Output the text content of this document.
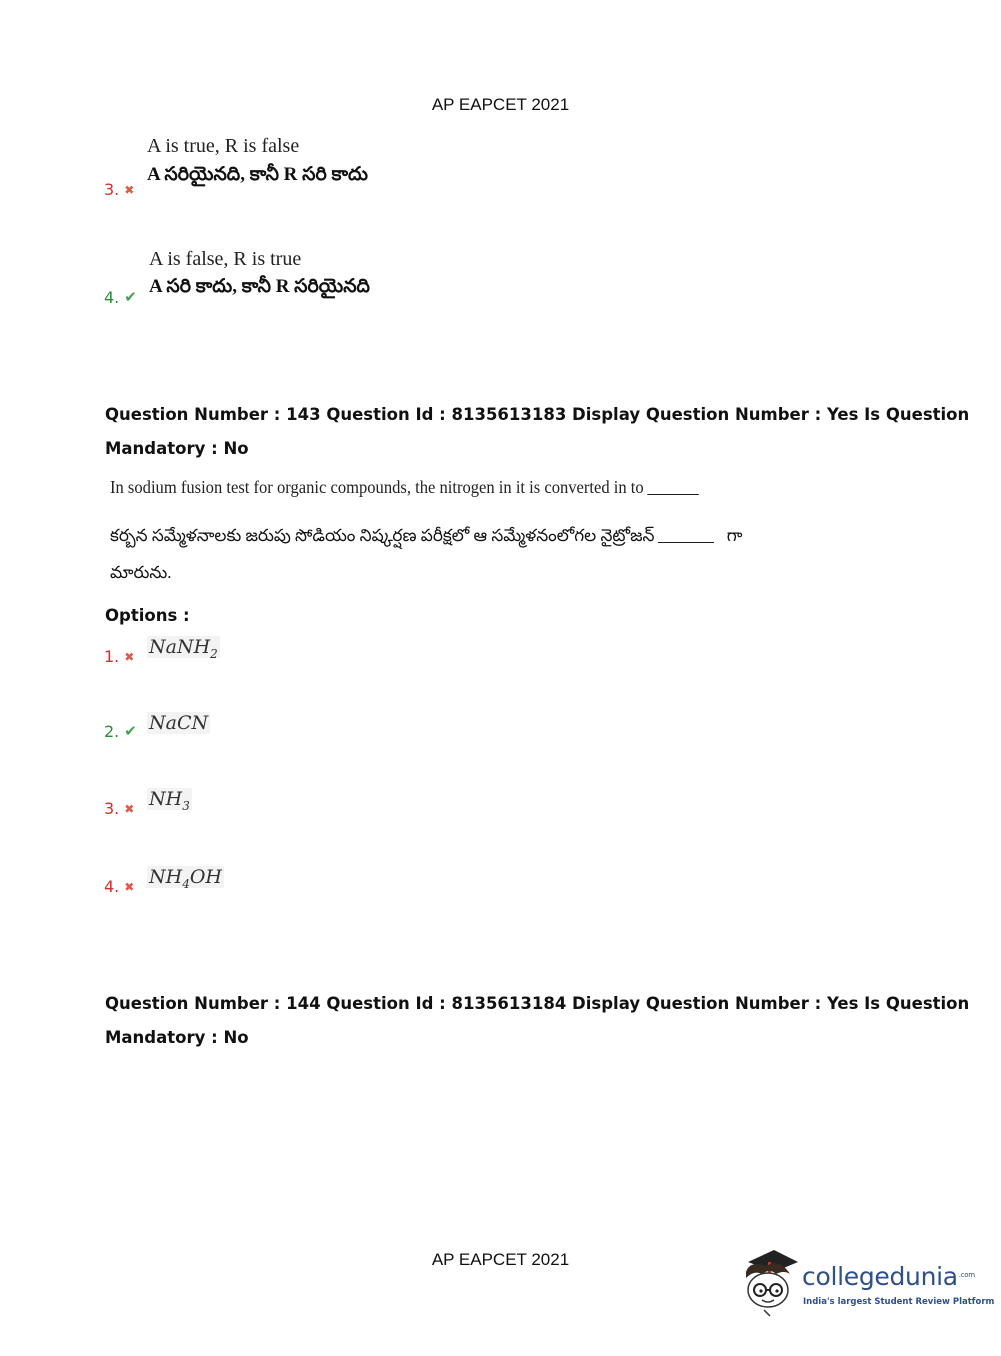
AP EAPCET 2021
A is true, R is false
A సరియైనది, కానీ R సరి కాదు
3. ✖
A is false, R is true
A సరి కాదు, కానీ R సరియైనది
4. ✔
Question Number : 143 Question Id : 8135613183 Display Question Number : Yes Is Question
Mandatory : No
In sodium fusion test for organic compounds, the nitrogen in it is converted in to
కర్బన సమ్మేళనాలకు జరుపు సోడియం నిష్కర్షణ పరీక్షలో ఆ సమ్మేళనంలోగల నైట్రోజన్	గా
మారును.
Options :
1. ✖ NaNH$_2$
2. ✔ NaCN
3. ✖ $NH_3$
4. ✖ $NH_4OH$
Question Number : 144 Question Id : 8135613184 Display Question Number : Yes Is Question
Mandatory : No
AP EAPCET 2021
collegedunia$^{.com}$
India's largest Student Review Platform
